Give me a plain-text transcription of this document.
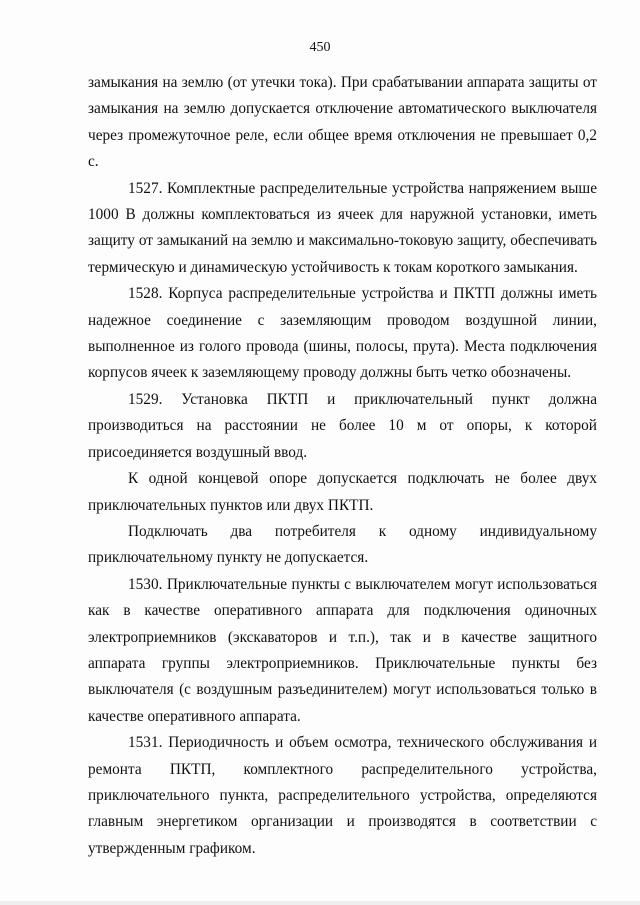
450

замыкания на землю (от утечки тока). При срабатывании аппарата защиты от замыкания на землю допускается отключение автоматического выключателя через промежуточное реле, если общее время отключения не превышает 0,2 с.

1527. Комплектные распределительные устройства напряжением выше 1000 В должны комплектоваться из ячеек для наружной установки, иметь защиту от замыканий на землю и максимально-токовую защиту, обеспечивать термическую и динамическую устойчивость к токам короткого замыкания.

1528. Корпуса распределительные устройства и ПКТП должны иметь надежное соединение с заземляющим проводом воздушной линии, выполненное из голого провода (шины, полосы, прута). Места подключения корпусов ячеек к заземляющему проводу должны быть четко обозначены.

1529. Установка ПКТП и приключательный пункт должна производиться на расстоянии не более 10 м от опоры, к которой присоединяется воздушный ввод.

К одной концевой опоре допускается подключать не более двух приключательных пунктов или двух ПКТП.

Подключать два потребителя к одному индивидуальному приключательному пункту не допускается.

1530. Приключательные пункты с выключателем могут использоваться как в качестве оперативного аппарата для подключения одиночных электроприемников (экскаваторов и т.п.), так и в качестве защитного аппарата группы электроприемников. Приключательные пункты без выключателя (с воздушным разъединителем) могут использоваться только в качестве оперативного аппарата.

1531. Периодичность и объем осмотра, технического обслуживания и ремонта ПКТП, комплектного распределительного устройства, приключательного пункта, распределительного устройства, определяются главным энергетиком организации и производятся в соответствии с утвержденным графиком.
